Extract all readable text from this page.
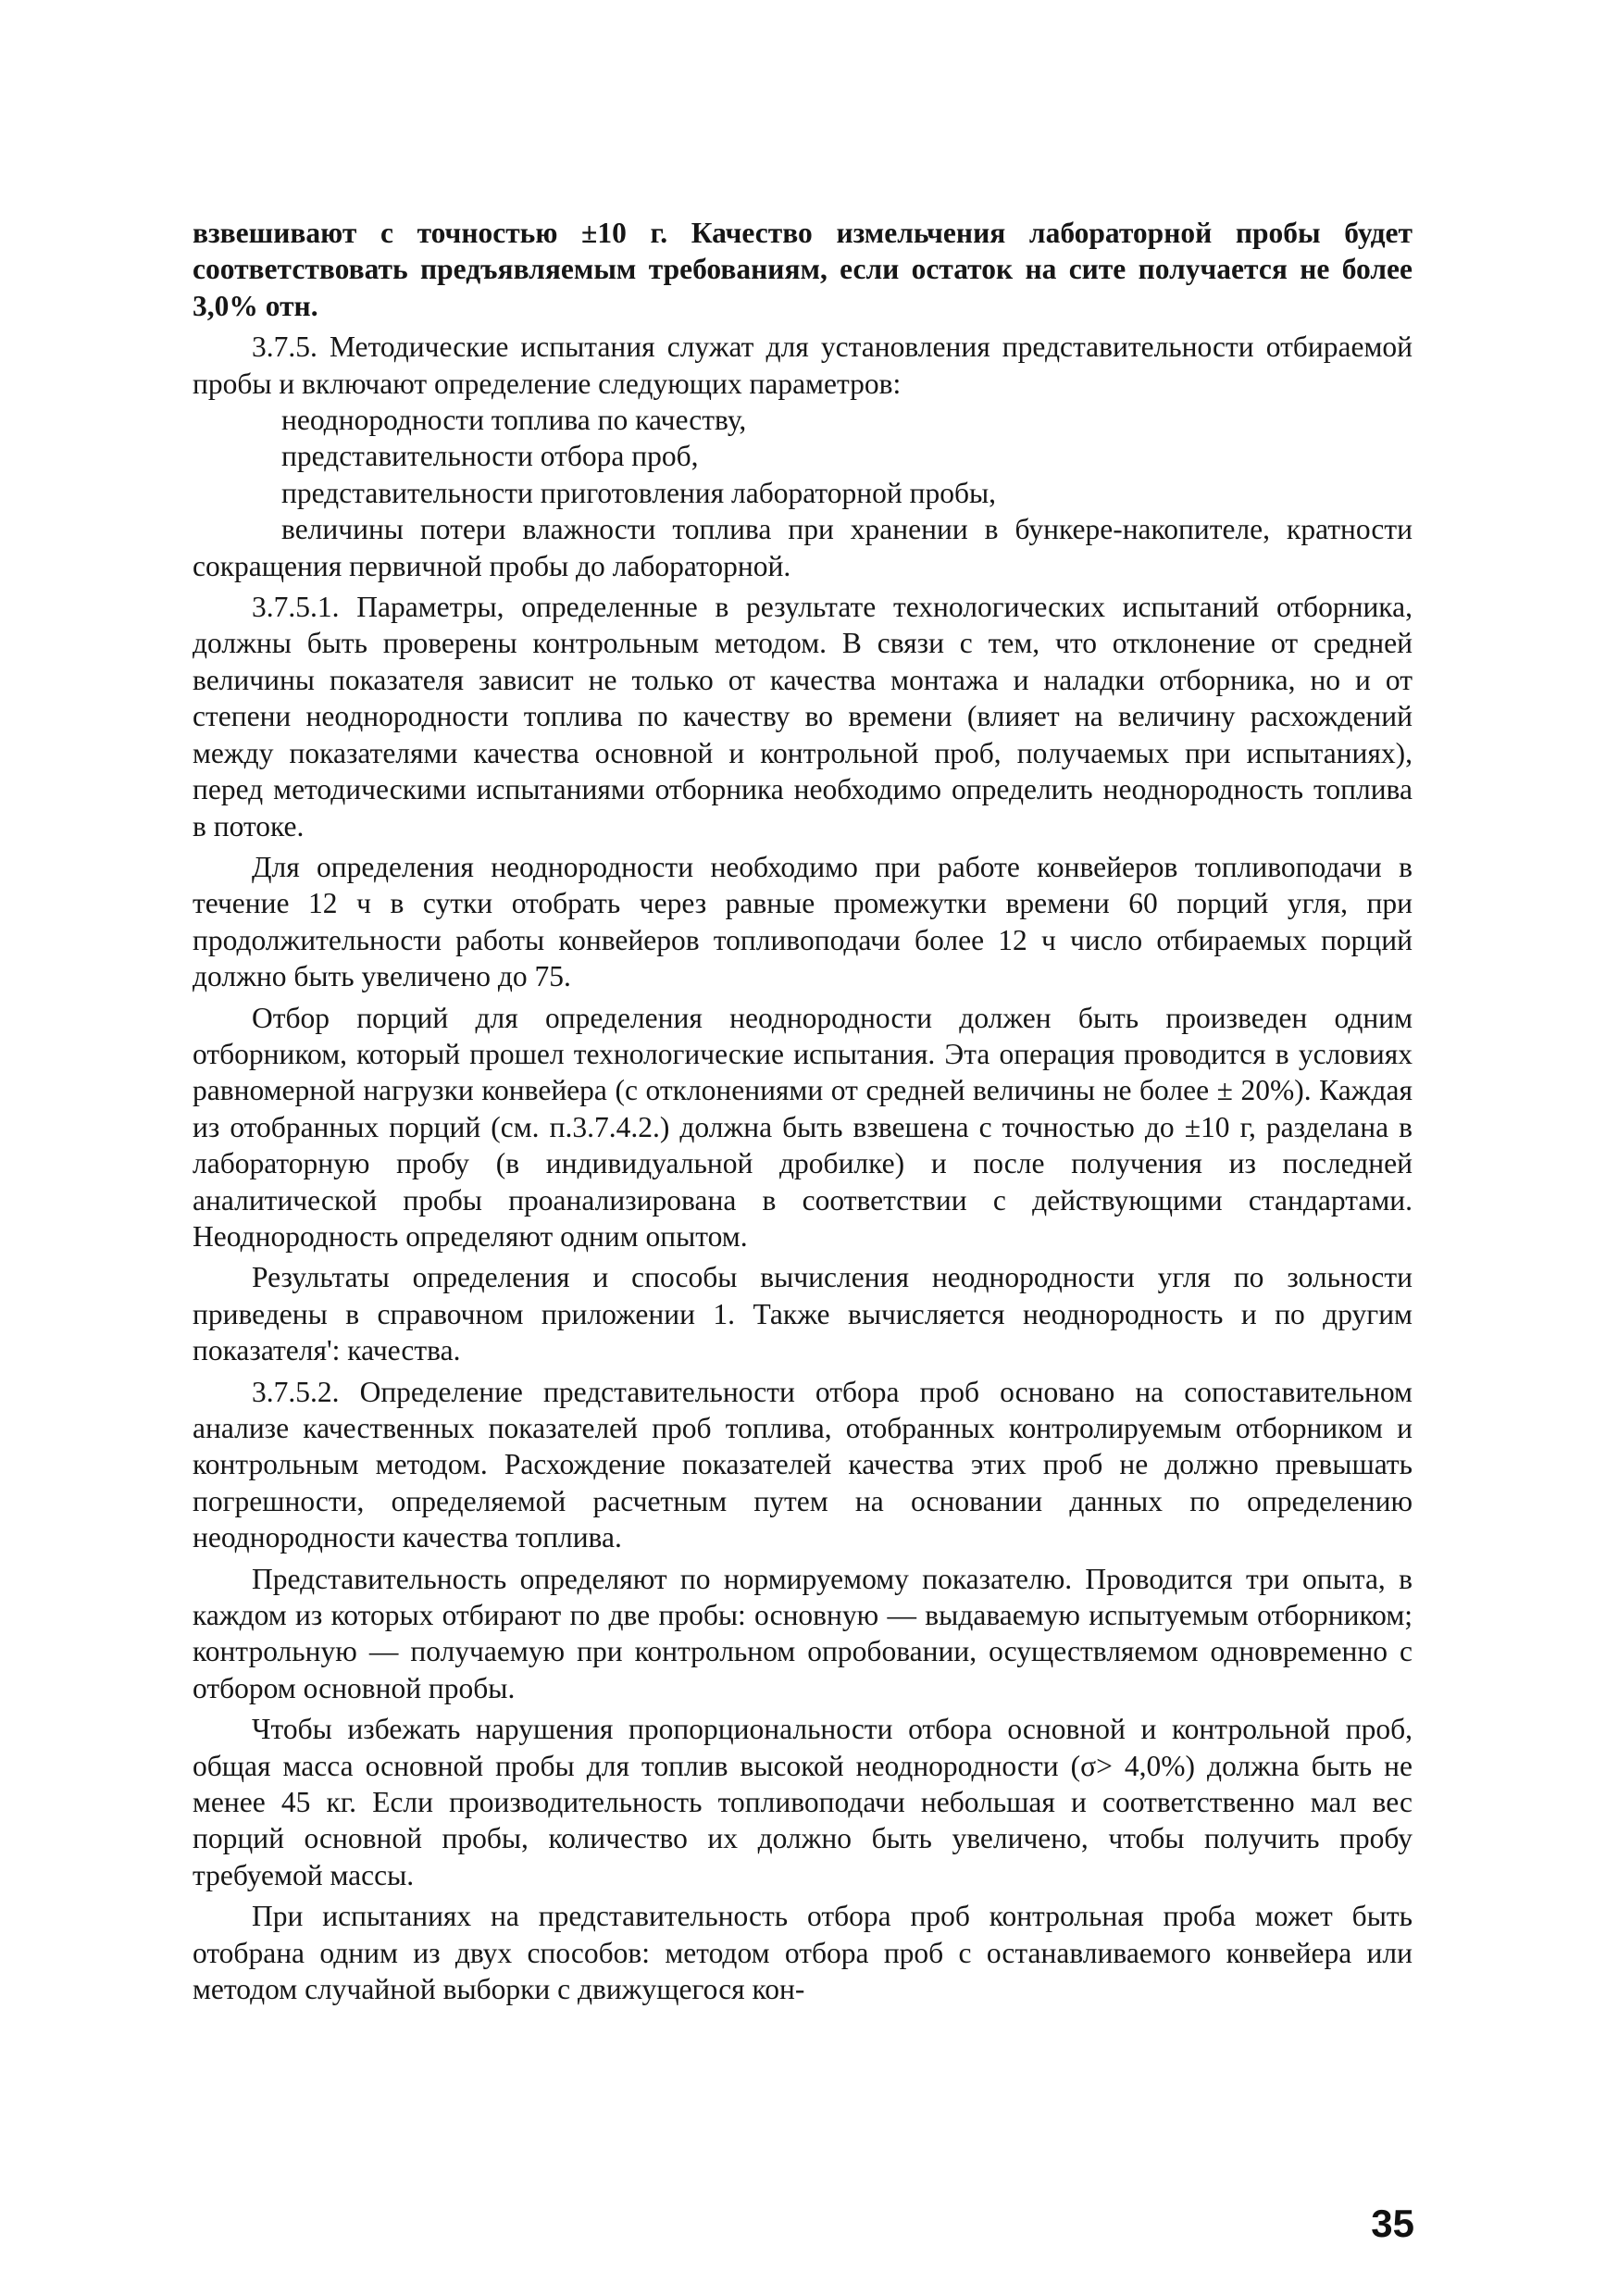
взвешивают с точностью ±10 г. Качество измельчения лабораторной пробы будет соответствовать предъявляемым требованиям, если остаток на сите получается не более 3,0% отн.

3.7.5. Методические испытания служат для установления представительности отбираемой пробы и включают определение следующих параметров:

неоднородности топлива по качеству,

представительности отбора проб,

представительности приготовления лабораторной пробы,

величины потери влажности топлива при хранении в бункере-накопителе, кратности сокращения первичной пробы до лабораторной.

3.7.5.1. Параметры, определенные в результате технологических испытаний отборника, должны быть проверены контрольным методом. В связи с тем, что отклонение от средней величины показателя зависит не только от качества монтажа и наладки отборника, но и от степени неоднородности топлива по качеству во времени (влияет на величину расхождений между показателями качества основной и контрольной проб, получаемых при испытаниях), перед методическими испытаниями отборника необходимо определить неоднородность топлива в потоке.

Для определения неоднородности необходимо при работе конвейеров топливоподачи в течение 12 ч в сутки отобрать через равные промежутки времени 60 порций угля, при продолжительности работы конвейеров топливоподачи более 12 ч число отбираемых порций должно быть увеличено до 75.

Отбор порций для определения неоднородности должен быть произведен одним отборником, который прошел технологические испытания. Эта операция проводится в условиях равномерной нагрузки конвейера (с отклонениями от средней величины не более ± 20%). Каждая из отобранных порций (см. п.3.7.4.2.) должна быть взвешена с точностью до ±10 г, разделана в лабораторную пробу (в индивидуальной дробилке) и после получения из последней аналитической пробы проанализирована в соответствии с действующими стандартами. Неоднородность определяют одним опытом.

Результаты определения и способы вычисления неоднородности угля по зольности приведены в справочном приложении 1. Также вычисляется неоднородность и по другим показателя': качества.

3.7.5.2. Определение представительности отбора проб основано на сопоставительном анализе качественных показателей проб топлива, отобранных контролируемым отборником и контрольным методом. Расхождение показателей качества этих проб не должно превышать погрешности, определяемой расчетным путем на основании данных по определению неоднородности качества топлива.

Представительность определяют по нормируемому показателю. Проводится три опыта, в каждом из которых отбирают по две пробы: основную — выдаваемую испытуемым отборником; контрольную — получаемую при контрольном опробовании, осуществляемом одновременно с отбором основной пробы.

Чтобы избежать нарушения пропорциональности отбора основной и контрольной проб, общая масса основной пробы для топлив высокой неоднородности (σ> 4,0%) должна быть не менее 45 кг. Если производительность топливоподачи небольшая и соответственно мал вес порций основной пробы, количество их должно быть увеличено, чтобы получить пробу требуемой массы.

При испытаниях на представительность отбора проб контрольная проба может быть отобрана одним из двух способов: методом отбора проб с останавливаемого конвейера или методом случайной выборки с движущегося кон-

35
